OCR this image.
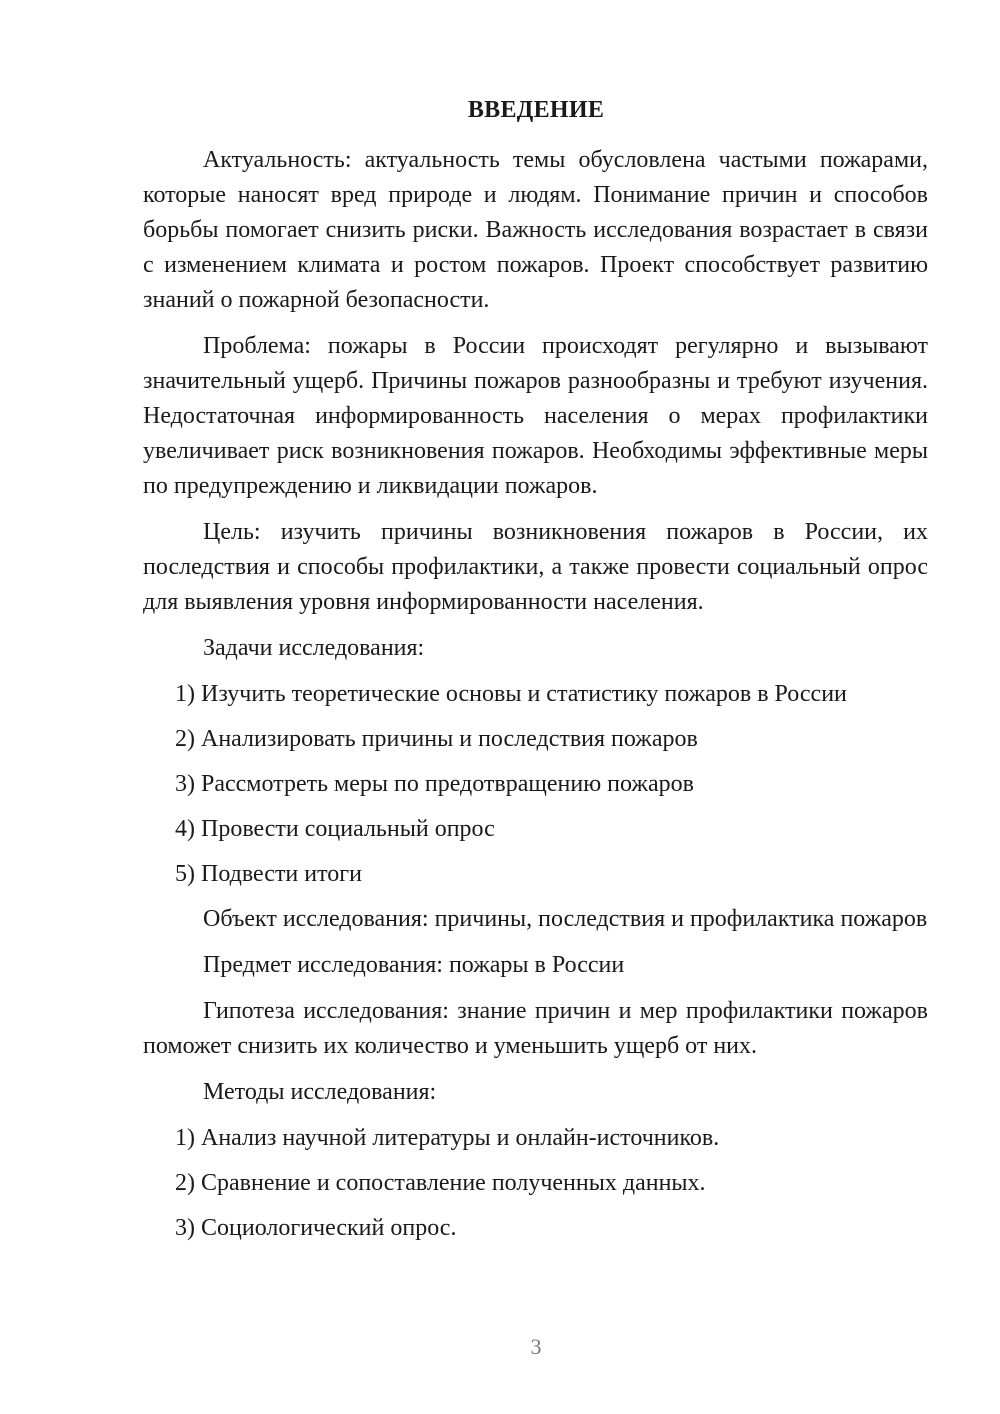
ВВЕДЕНИЕ

Актуальность: актуальность темы обусловлена частыми пожарами, которые наносят вред природе и людям. Понимание причин и способов борьбы помогает снизить риски. Важность исследования возрастает в связи с изменением климата и ростом пожаров. Проект способствует развитию знаний о пожарной безопасности.

Проблема: пожары в России происходят регулярно и вызывают значительный ущерб. Причины пожаров разнообразны и требуют изучения. Недостаточная информированность населения о мерах профилактики увеличивает риск возникновения пожаров. Необходимы эффективные меры по предупреждению и ликвидации пожаров.

Цель: изучить причины возникновения пожаров в России, их последствия и способы профилактики, а также провести социальный опрос для выявления уровня информированности населения.

Задачи исследования:

1) Изучить теоретические основы и статистику пожаров в России

2) Анализировать причины и последствия пожаров

3) Рассмотреть меры по предотвращению пожаров

4) Провести социальный опрос

5) Подвести итоги

Объект исследования: причины, последствия и профилактика пожаров

Предмет исследования: пожары в России

Гипотеза исследования: знание причин и мер профилактики пожаров поможет снизить их количество и уменьшить ущерб от них.

Методы исследования:

1) Анализ научной литературы и онлайн-источников.

2) Сравнение и сопоставление полученных данных.

3) Социологический опрос.

3
